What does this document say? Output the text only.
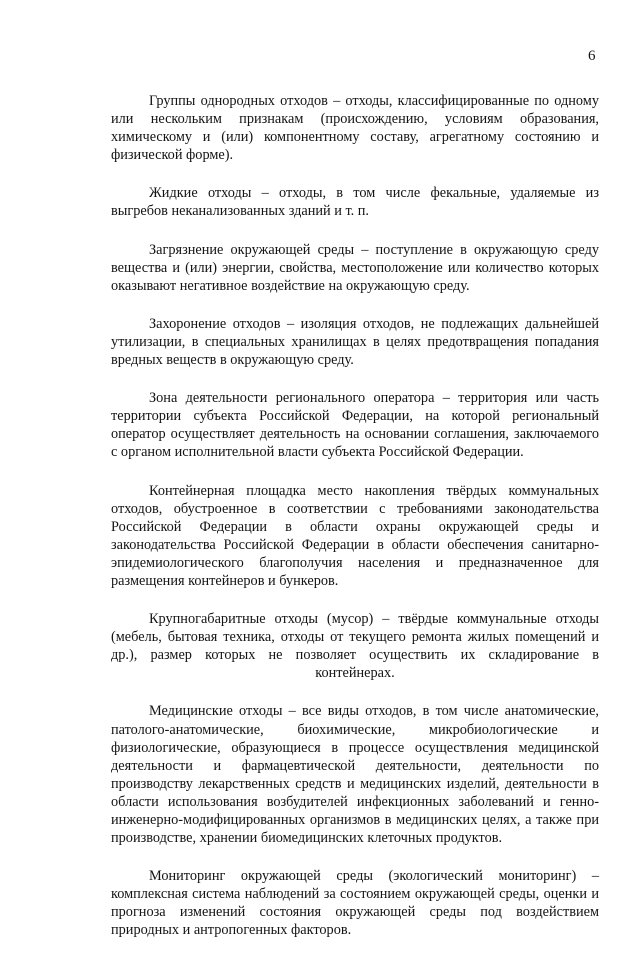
6

Группы однородных отходов – отходы, классифицированные по одному или нескольким признакам (происхождению, условиям образования, химическому и (или) компонентному составу, агрегатному состоянию и физической форме).

Жидкие отходы – отходы, в том числе фекальные, удаляемые из выгребов неканализованных зданий и т. п.

Загрязнение окружающей среды – поступление в окружающую среду вещества и (или) энергии, свойства, местоположение или количество которых оказывают негативное воздействие на окружающую среду.

Захоронение отходов – изоляция отходов, не подлежащих дальнейшей утилизации, в специальных хранилищах в целях предотвращения попадания вредных веществ в окружающую среду.

Зона деятельности регионального оператора – территория или часть территории субъекта Российской Федерации, на которой региональный оператор осуществляет деятельность на основании соглашения, заключаемого с органом исполнительной власти субъекта Российской Федерации.

Контейнерная площадка место накопления твёрдых коммунальных отходов, обустроенное в соответствии с требованиями законодательства Российской Федерации в области охраны окружающей среды и законодательства Российской Федерации в области обеспечения санитарно-эпидемиологического благополучия населения и предназначенное для размещения контейнеров и бункеров.

Крупногабаритные отходы (мусор) – твёрдые коммунальные отходы (мебель, бытовая техника, отходы от текущего ремонта жилых помещений и др.), размер которых не позволяет осуществить их складирование в контейнерах.

Медицинские отходы – все виды отходов, в том числе анатомические, патолого-анатомические, биохимические, микробиологические и физиологические, образующиеся в процессе осуществления медицинской деятельности и фармацевтической деятельности, деятельности по производству лекарственных средств и медицинских изделий, деятельности в области использования возбудителей инфекционных заболеваний и генно-инженерно-модифицированных организмов в медицинских целях, а также при производстве, хранении биомедицинских клеточных продуктов.

Мониторинг окружающей среды (экологический мониторинг) – комплексная система наблюдений за состоянием окружающей среды, оценки и прогноза изменений состояния окружающей среды под воздействием природных и антропогенных факторов.
